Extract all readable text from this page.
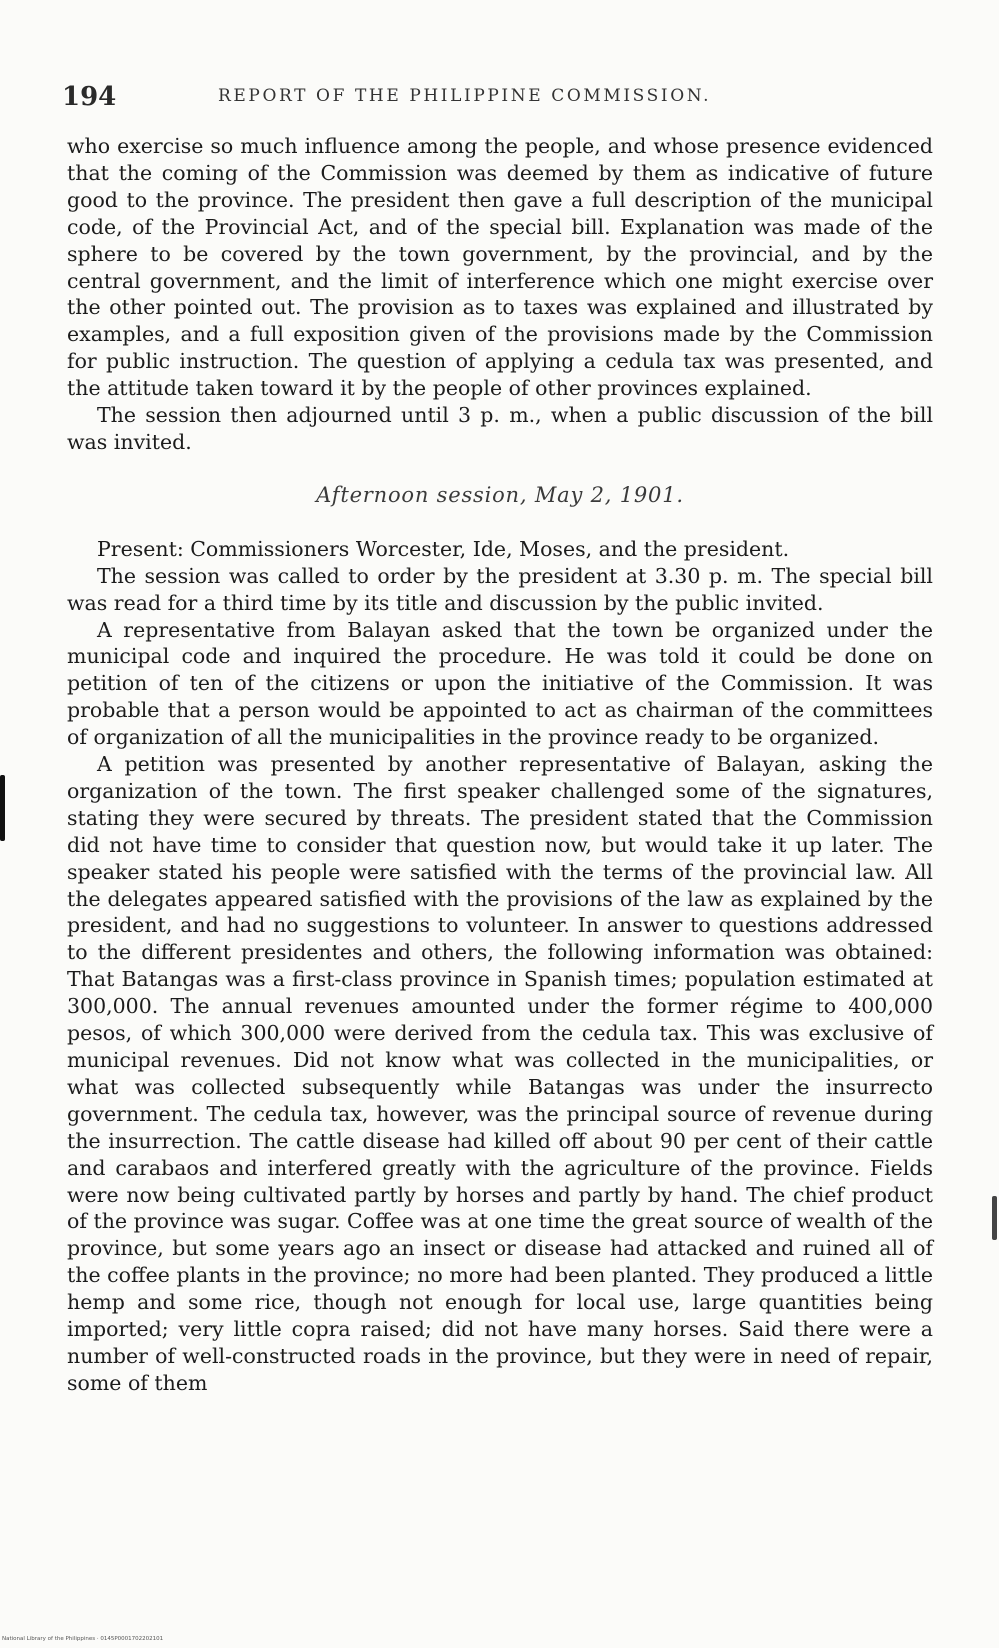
194	REPORT OF THE PHILIPPINE COMMISSION.

who exercise so much influence among the people, and whose presence evidenced that the coming of the Commission was deemed by them as indicative of future good to the province. The president then gave a full description of the municipal code, of the Provincial Act, and of the special bill. Explanation was made of the sphere to be covered by the town government, by the provincial, and by the central government, and the limit of interference which one might exercise over the other pointed out. The provision as to taxes was explained and illustrated by examples, and a full exposition given of the provisions made by the Commission for public instruction. The question of applying a cedula tax was presented, and the attitude taken toward it by the people of other provinces explained.

The session then adjourned until 3 p. m., when a public discussion of the bill was invited.

Afternoon session, May 2, 1901.

Present: Commissioners Worcester, Ide, Moses, and the president.

The session was called to order by the president at 3.30 p. m. The special bill was read for a third time by its title and discussion by the public invited.

A representative from Balayan asked that the town be organized under the municipal code and inquired the procedure. He was told it could be done on petition of ten of the citizens or upon the initiative of the Commission. It was probable that a person would be appointed to act as chairman of the committees of organization of all the municipalities in the province ready to be organized.

A petition was presented by another representative of Balayan, asking the organization of the town. The first speaker challenged some of the signatures, stating they were secured by threats. The president stated that the Commission did not have time to consider that question now, but would take it up later. The speaker stated his people were satisfied with the terms of the provincial law. All the delegates appeared satisfied with the provisions of the law as explained by the president, and had no suggestions to volunteer. In answer to questions addressed to the different presidentes and others, the following information was obtained: That Batangas was a first-class province in Spanish times; population estimated at 300,000. The annual revenues amounted under the former régime to 400,000 pesos, of which 300,000 were derived from the cedula tax. This was exclusive of municipal revenues. Did not know what was collected in the municipalities, or what was collected subsequently while Batangas was under the insurrecto government. The cedula tax, however, was the principal source of revenue during the insurrection. The cattle disease had killed off about 90 per cent of their cattle and carabaos and interfered greatly with the agriculture of the province. Fields were now being cultivated partly by horses and partly by hand. The chief product of the province was sugar. Coffee was at one time the great source of wealth of the province, but some years ago an insect or disease had attacked and ruined all of the coffee plants in the province; no more had been planted. They produced a little hemp and some rice, though not enough for local use, large quantities being imported; very little copra raised; did not have many horses. Said there were a number of well-constructed roads in the province, but they were in need of repair, some of them

National Library of the Philippines · 0145P0001702202101
